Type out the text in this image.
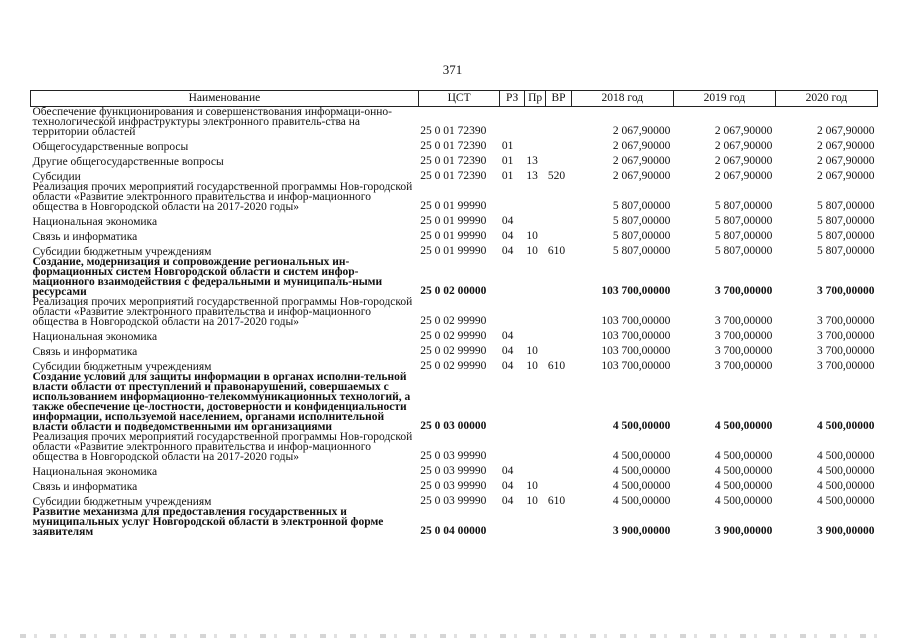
371
Наименование	ЦСТ	РЗ	Пр	ВР	2018 год	2019 год	2020 год
Обеспечение функционирования и совершенствования информаци-онно- технологической инфраструктуры электронного правитель-ства на территории областей	25 0 01 72390				2 067,90000	2 067,90000	2 067,90000
Общегосударственные вопросы	25 0 01 72390	01			2 067,90000	2 067,90000	2 067,90000
Другие общегосударственные вопросы	25 0 01 72390	01	13		2 067,90000	2 067,90000	2 067,90000
Субсидии	25 0 01 72390	01	13	520	2 067,90000	2 067,90000	2 067,90000
Реализация прочих мероприятий государственной программы Нов-городской области «Развитие электронного правительства и инфор-мационного общества в Новгородской области на 2017-2020 годы»	25 0 01 99990				5 807,00000	5 807,00000	5 807,00000
Национальная экономика	25 0 01 99990	04			5 807,00000	5 807,00000	5 807,00000
Связь и информатика	25 0 01 99990	04	10		5 807,00000	5 807,00000	5 807,00000
Субсидии бюджетным учреждениям	25 0 01 99990	04	10	610	5 807,00000	5 807,00000	5 807,00000
Создание, модернизация и сопровождение региональных ин-формационных систем Новгородской области и систем инфор-мационного взаимодействия с федеральными и муниципаль-ными ресурсами	25 0 02 00000				103 700,00000	3 700,00000	3 700,00000
Реализация прочих мероприятий государственной программы Нов-городской области «Развитие электронного правительства и инфор-мационного общества в Новгородской области на 2017-2020 годы»	25 0 02 99990				103 700,00000	3 700,00000	3 700,00000
Национальная экономика	25 0 02 99990	04			103 700,00000	3 700,00000	3 700,00000
Связь и информатика	25 0 02 99990	04	10		103 700,00000	3 700,00000	3 700,00000
Субсидии бюджетным учреждениям	25 0 02 99990	04	10	610	103 700,00000	3 700,00000	3 700,00000
Создание условий для защиты информации в органах исполни-тельной власти области от преступлений и правонарушений, совершаемых с использованием информационно-телекоммуникационных технологий, а также обеспечение це-лостности, достоверности и конфиденциальности информации, используемой населением, органами исполнительной власти области и подведомственными им организациями	25 0 03 00000				4 500,00000	4 500,00000	4 500,00000
Реализация прочих мероприятий государственной программы Нов-городской области «Развитие электронного правительства и инфор-мационного общества в Новгородской области на 2017-2020 годы»	25 0 03 99990				4 500,00000	4 500,00000	4 500,00000
Национальная экономика	25 0 03 99990	04			4 500,00000	4 500,00000	4 500,00000
Связь и информатика	25 0 03 99990	04	10		4 500,00000	4 500,00000	4 500,00000
Субсидии бюджетным учреждениям	25 0 03 99990	04	10	610	4 500,00000	4 500,00000	4 500,00000
Развитие механизма для предоставления государственных и муниципальных услуг Новгородской области в электронной форме заявителям	25 0 04 00000				3 900,00000	3 900,00000	3 900,00000
